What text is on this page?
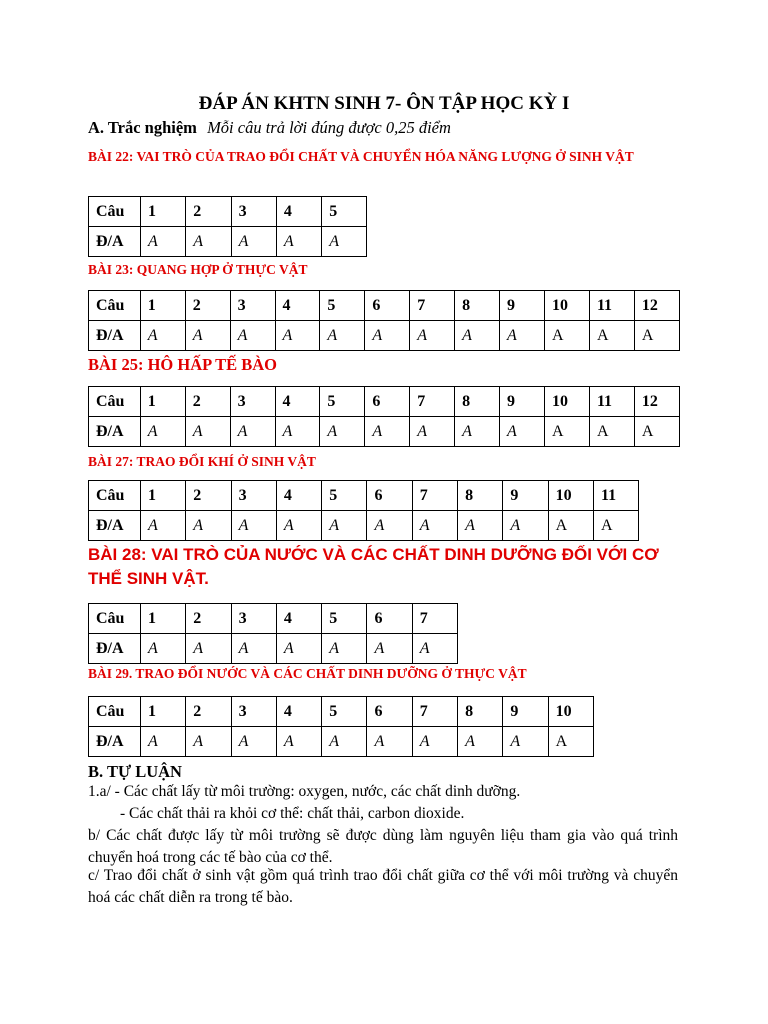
ĐÁP ÁN KHTN SINH 7- ÔN TẬP HỌC KỲ I
A. Trắc nghiệm Mỗi câu trả lời đúng được 0,25 điểm
BÀI 22: VAI TRÒ CỦA TRAO ĐỔI CHẤT VÀ CHUYỂN HÓA NĂNG LƯỢNG Ở SINH VẬT
Câu	1	2	3	4	5
Đ/A	A	A	A	A	A
BÀI 23: QUANG HỢP Ở THỰC VẬT
Câu	1	2	3	4	5	6	7	8	9	10	11	12
Đ/A	A	A	A	A	A	A	A	A	A	A	A	A
BÀI 25: HÔ HẤP TẾ BÀO
Câu	1	2	3	4	5	6	7	8	9	10	11	12
Đ/A	A	A	A	A	A	A	A	A	A	A	A	A
BÀI 27: TRAO ĐỔI KHÍ Ở SINH VẬT
Câu	1	2	3	4	5	6	7	8	9	10	11
Đ/A	A	A	A	A	A	A	A	A	A	A	A
BÀI 28: VAI TRÒ CỦA NƯỚC VÀ CÁC CHẤT DINH DƯỠNG ĐỐI VỚI CƠ THỂ SINH VẬT.
Câu	1	2	3	4	5	6	7
Đ/A	A	A	A	A	A	A	A
BÀI 29. TRAO ĐỔI NƯỚC VÀ CÁC CHẤT DINH DƯỠNG Ở THỰC VẬT
Câu	1	2	3	4	5	6	7	8	9	10
Đ/A	A	A	A	A	A	A	A	A	A	A
B. TỰ LUẬN
1.a/ - Các chất lấy từ môi trường: oxygen, nước, các chất dinh dưỡng.
- Các chất thải ra khỏi cơ thể: chất thải, carbon dioxide.
b/ Các chất được lấy từ môi trường sẽ được dùng làm nguyên liệu tham gia vào quá trình chuyển hoá trong các tế bào của cơ thể.
c/ Trao đổi chất ở sinh vật gồm quá trình trao đổi chất giữa cơ thể với môi trường và chuyển hoá các chất diễn ra trong tế bào.
